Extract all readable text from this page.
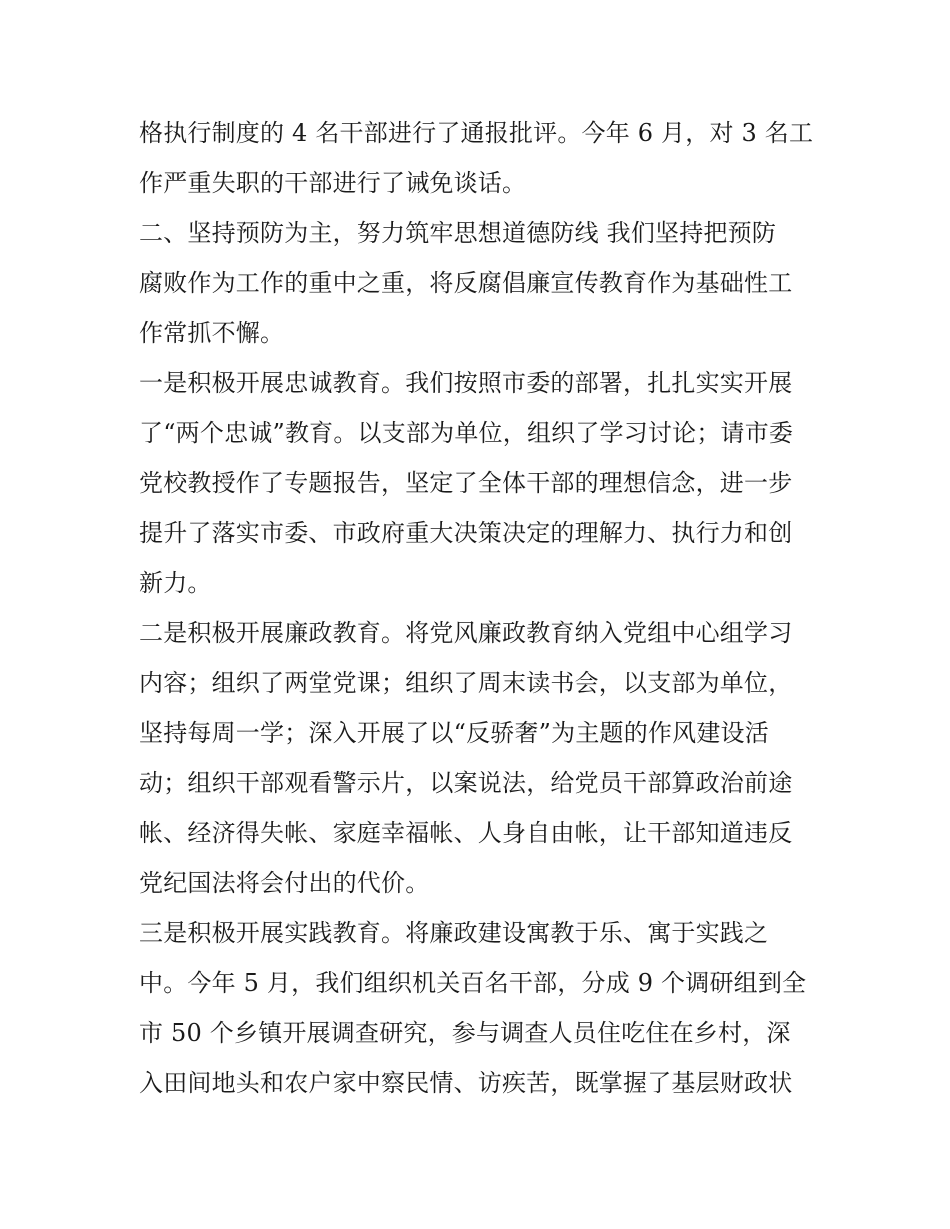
格执行制度的 4 名干部进行了通报批评。今年 6 月，对 3 名工
作严重失职的干部进行了诫免谈话。
二、坚持预防为主，努力筑牢思想道德防线 我们坚持把预防
腐败作为工作的重中之重，将反腐倡廉宣传教育作为基础性工
作常抓不懈。
一是积极开展忠诚教育。我们按照市委的部署，扎扎实实开展
了“两个忠诚”教育。以支部为单位，组织了学习讨论；请市委
党校教授作了专题报告，坚定了全体干部的理想信念，进一步
提升了落实市委、市政府重大决策决定的理解力、执行力和创
新力。
二是积极开展廉政教育。将党风廉政教育纳入党组中心组学习
内容；组织了两堂党课；组织了周末读书会，以支部为单位，
坚持每周一学；深入开展了以“反骄奢”为主题的作风建设活
动；组织干部观看警示片，以案说法，给党员干部算政治前途
帐、经济得失帐、家庭幸福帐、人身自由帐，让干部知道违反
党纪国法将会付出的代价。
三是积极开展实践教育。将廉政建设寓教于乐、寓于实践之
中。今年 5 月，我们组织机关百名干部，分成 9 个调研组到全
市 50 个乡镇开展调查研究，参与调查人员住吃住在乡村，深
入田间地头和农户家中察民情、访疾苦，既掌握了基层财政状
